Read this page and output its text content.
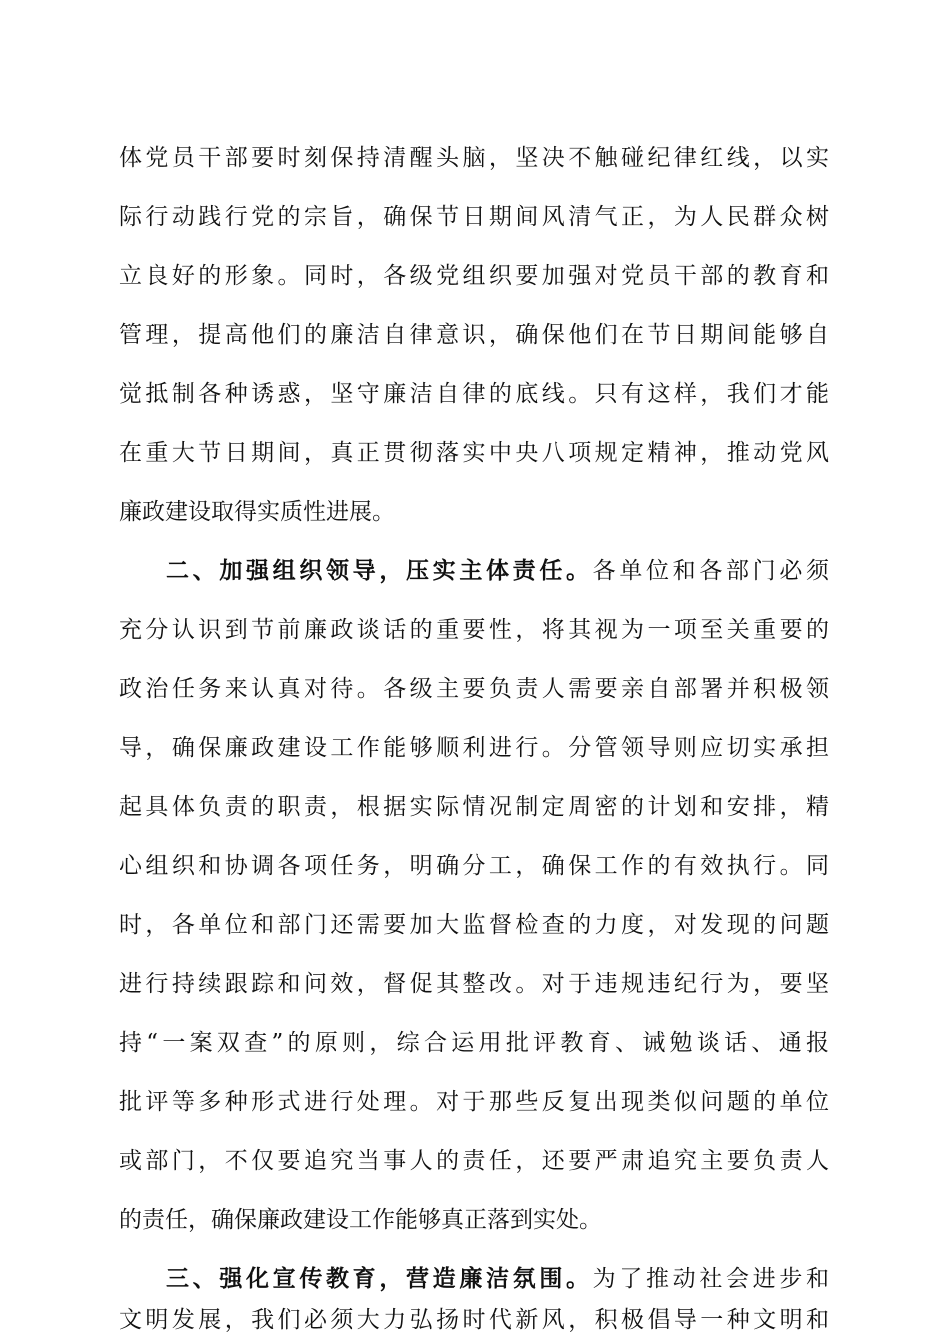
体党员干部要时刻保持清醒头脑，坚决不触碰纪律红线，以实
际行动践行党的宗旨，确保节日期间风清气正，为人民群众树
立良好的形象。同时，各级党组织要加强对党员干部的教育和
管理，提高他们的廉洁自律意识，确保他们在节日期间能够自
觉抵制各种诱惑，坚守廉洁自律的底线。只有这样，我们才能
在重大节日期间，真正贯彻落实中央八项规定精神，推动党风
廉政建设取得实质性进展。
二、加强组织领导，压实主体责任。各单位和各部门必须
充分认识到节前廉政谈话的重要性，将其视为一项至关重要的
政治任务来认真对待。各级主要负责人需要亲自部署并积极领
导，确保廉政建设工作能够顺利进行。分管领导则应切实承担
起具体负责的职责，根据实际情况制定周密的计划和安排，精
心组织和协调各项任务，明确分工，确保工作的有效执行。同
时，各单位和部门还需要加大监督检查的力度，对发现的问题
进行持续跟踪和问效，督促其整改。对于违规违纪行为，要坚
持“一案双查”的原则，综合运用批评教育、诫勉谈话、通报
批评等多种形式进行处理。对于那些反复出现类似问题的单位
或部门，不仅要追究当事人的责任，还要严肃追究主要负责人
的责任，确保廉政建设工作能够真正落到实处。
三、强化宣传教育，营造廉洁氛围。为了推动社会进步和
文明发展，我们必须大力弘扬时代新风，积极倡导一种文明和
